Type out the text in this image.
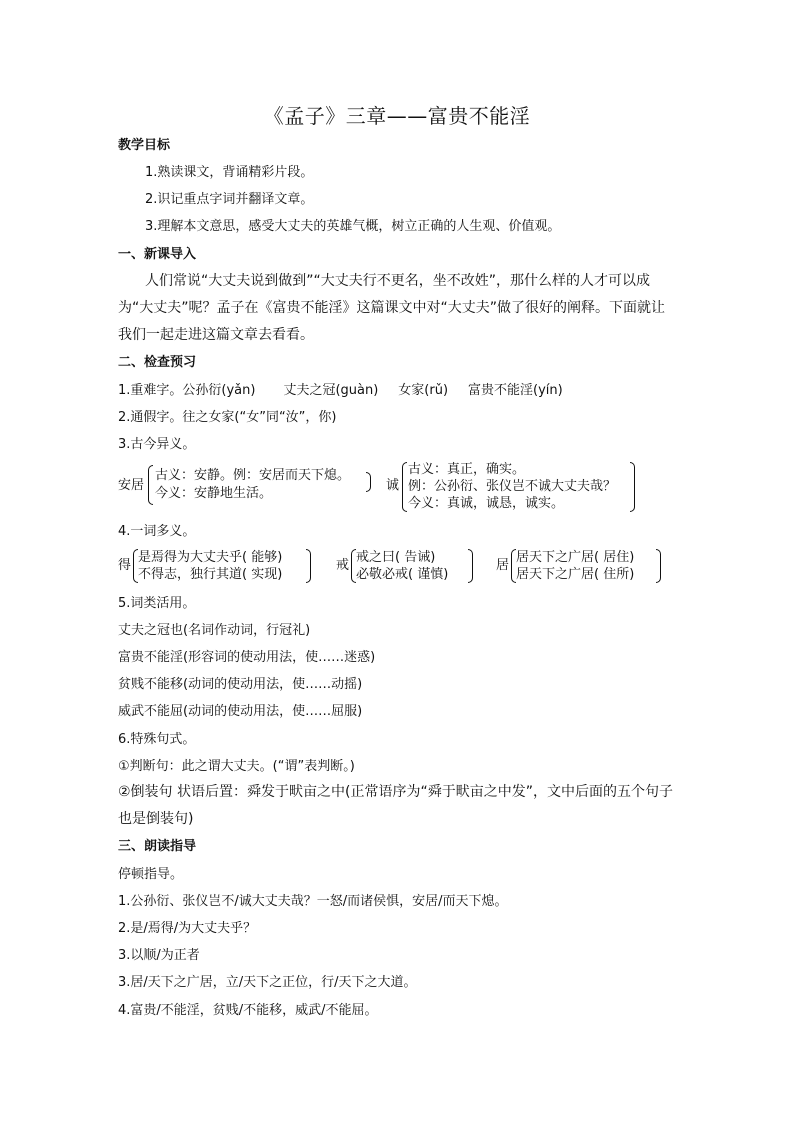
《孟子》三章——富贵不能淫
教学目标
1.熟读课文，背诵精彩片段。
2.识记重点字词并翻译文章。
3.理解本文意思，感受大丈夫的英雄气概，树立正确的人生观、价值观。
一、新课导入

人们常说“大丈夫说到做到”“大丈夫行不更名，坐不改姓”，那什么样的人才可以成为“大丈夫”呢？孟子在《富贵不能淫》这篇课文中对“大丈夫”做了很好的阐释。下面就让我们一起走进这篇文章去看看。

二、检查预习
1.重难字。公孙衍(yǎn) 丈夫之冠(guàn) 女家(rǔ) 富贵不能淫(yín)
2.通假字。往之女家(“女”同“汝”，你)
3.古今异义。
安居
古义：安静。例：安居而天下熄。
今义：安静地生活。
诚
古义：真正，确实。
例：公孙衍、张仪岂不诚大丈夫哉？
今义：真诚，诚恳，诚实。
4.一词多义。
得
是焉得为大丈夫乎( 能够)
不得志，独行其道( 实现)
戒
戒之曰( 告诫)
必敬必戒( 谨慎)
居
居天下之广居( 居住)
居天下之广居( 住所)
5.词类活用。
丈夫之冠也(名词作动词，行冠礼)
富贵不能淫(形容词的使动用法，使……迷惑)
贫贱不能移(动词的使动用法，使……动摇)
威武不能屈(动词的使动用法，使……屈服)
6.特殊句式。
①判断句：此之谓大丈夫。(“谓”表判断。)

②倒装句 状语后置：舜发于畎亩之中(正常语序为“舜于畎亩之中发”，文中后面的五个句子也是倒装句)

三、朗读指导
停顿指导。
1.公孙衍、张仪岂不/诚大丈夫哉？一怒/而诸侯惧，安居/而天下熄。
2.是/焉得/为大丈夫乎？
3.以顺/为正者
3.居/天下之广居，立/天下之正位，行/天下之大道。
4.富贵/不能淫，贫贱/不能移，威武/不能屈。
